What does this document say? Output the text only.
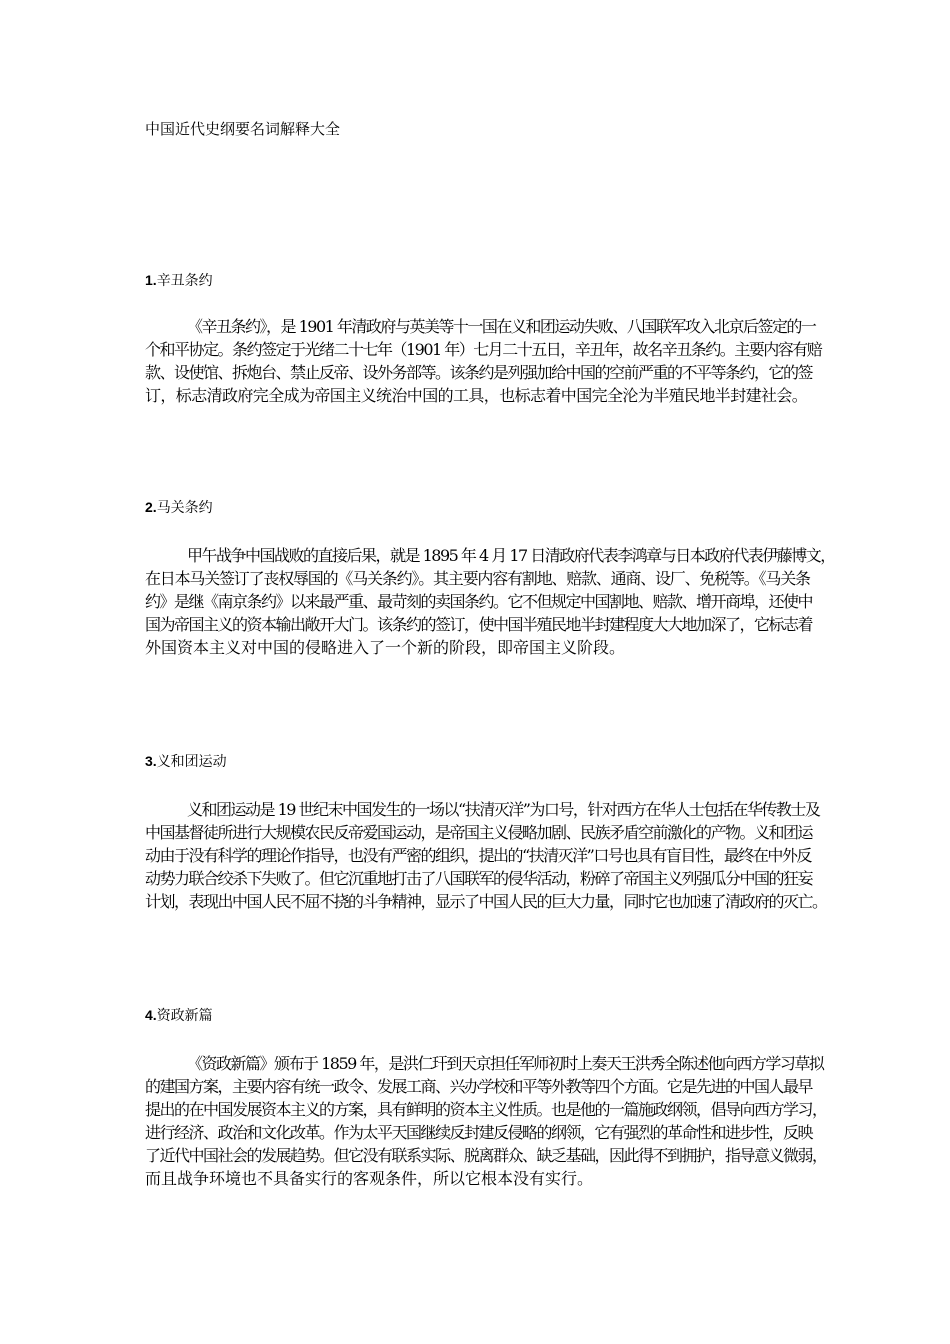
中国近代史纲要名词解释大全
1.辛丑条约
《辛丑条约》，是 1901 年清政府与英美等十一国在义和团运动失败、八国联军攻入北京后签定的一
个和平协定。条约签定于光绪二十七年（1901 年）七月二十五日，辛丑年，故名辛丑条约。主要内容有赔
款、设使馆、拆炮台、禁止反帝、设外务部等。该条约是列强加给中国的空前严重的不平等条约，它的签
订，标志清政府完全成为帝国主义统治中国的工具，也标志着中国完全沦为半殖民地半封建社会。
2.马关条约
甲午战争中国战败的直接后果，就是 1895 年 4 月 17 日清政府代表李鸿章与日本政府代表伊藤博文，
在日本马关签订了丧权辱国的《马关条约》。其主要内容有割地、赔款、通商、设厂、免税等。《马关条
约》是继《南京条约》以来最严重、最苛刻的卖国条约。它不但规定中国割地、赔款、增开商埠，还使中
国为帝国主义的资本输出敞开大门。该条约的签订，使中国半殖民地半封建程度大大地加深了，它标志着
外国资本主义对中国的侵略进入了一个新的阶段，即帝国主义阶段。
3.义和团运动
义和团运动是 19 世纪末中国发生的一场以“扶清灭洋”为口号，针对西方在华人士包括在华传教士及
中国基督徒所进行大规模农民反帝爱国运动，是帝国主义侵略加剧、民族矛盾空前激化的产物。义和团运
动由于没有科学的理论作指导，也没有严密的组织，提出的“扶清灭洋”口号也具有盲目性，最终在中外反
动势力联合绞杀下失败了。但它沉重地打击了八国联军的侵华活动，粉碎了帝国主义列强瓜分中国的狂妄
计划，表现出中国人民不屈不挠的斗争精神，显示了中国人民的巨大力量，同时它也加速了清政府的灭亡。
4.资政新篇
《资政新篇》颁布于 1859 年，是洪仁玕到天京担任军师初时上奏天王洪秀全陈述他向西方学习草拟
的建国方案，主要内容有统一政令、发展工商、兴办学校和平等外教等四个方面。它是先进的中国人最早
提出的在中国发展资本主义的方案，具有鲜明的资本主义性质。也是他的一篇施政纲领，倡导向西方学习，
进行经济、政治和文化改革。作为太平天国继续反封建反侵略的纲领，它有强烈的革命性和进步性，反映
了近代中国社会的发展趋势。但它没有联系实际、脱离群众、缺乏基础，因此得不到拥护，指导意义微弱，
而且战争环境也不具备实行的客观条件，所以它根本没有实行。
